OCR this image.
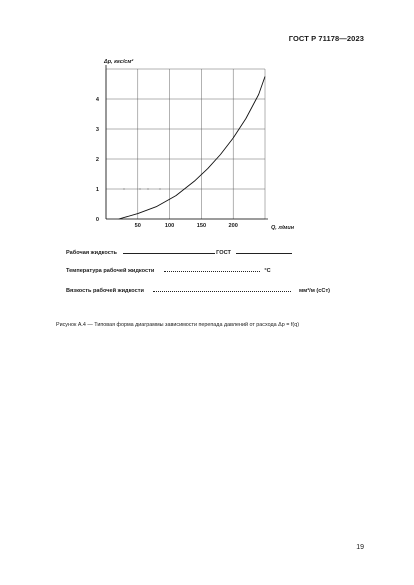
ГОСТ Р 71178—2023
50	100	150	200
0
1
2
3
4
Δp, кгс/см²
Q, л/мин
Рабочая жидкость	ГОСТ
Температура рабочей жидкости	°C
Вязкость рабочей жидкости	мм²/м (сСт)
Рисунок А.4 — Типовая форма диаграммы зависимости перепада давлений от расхода Δp = f(q)
19
